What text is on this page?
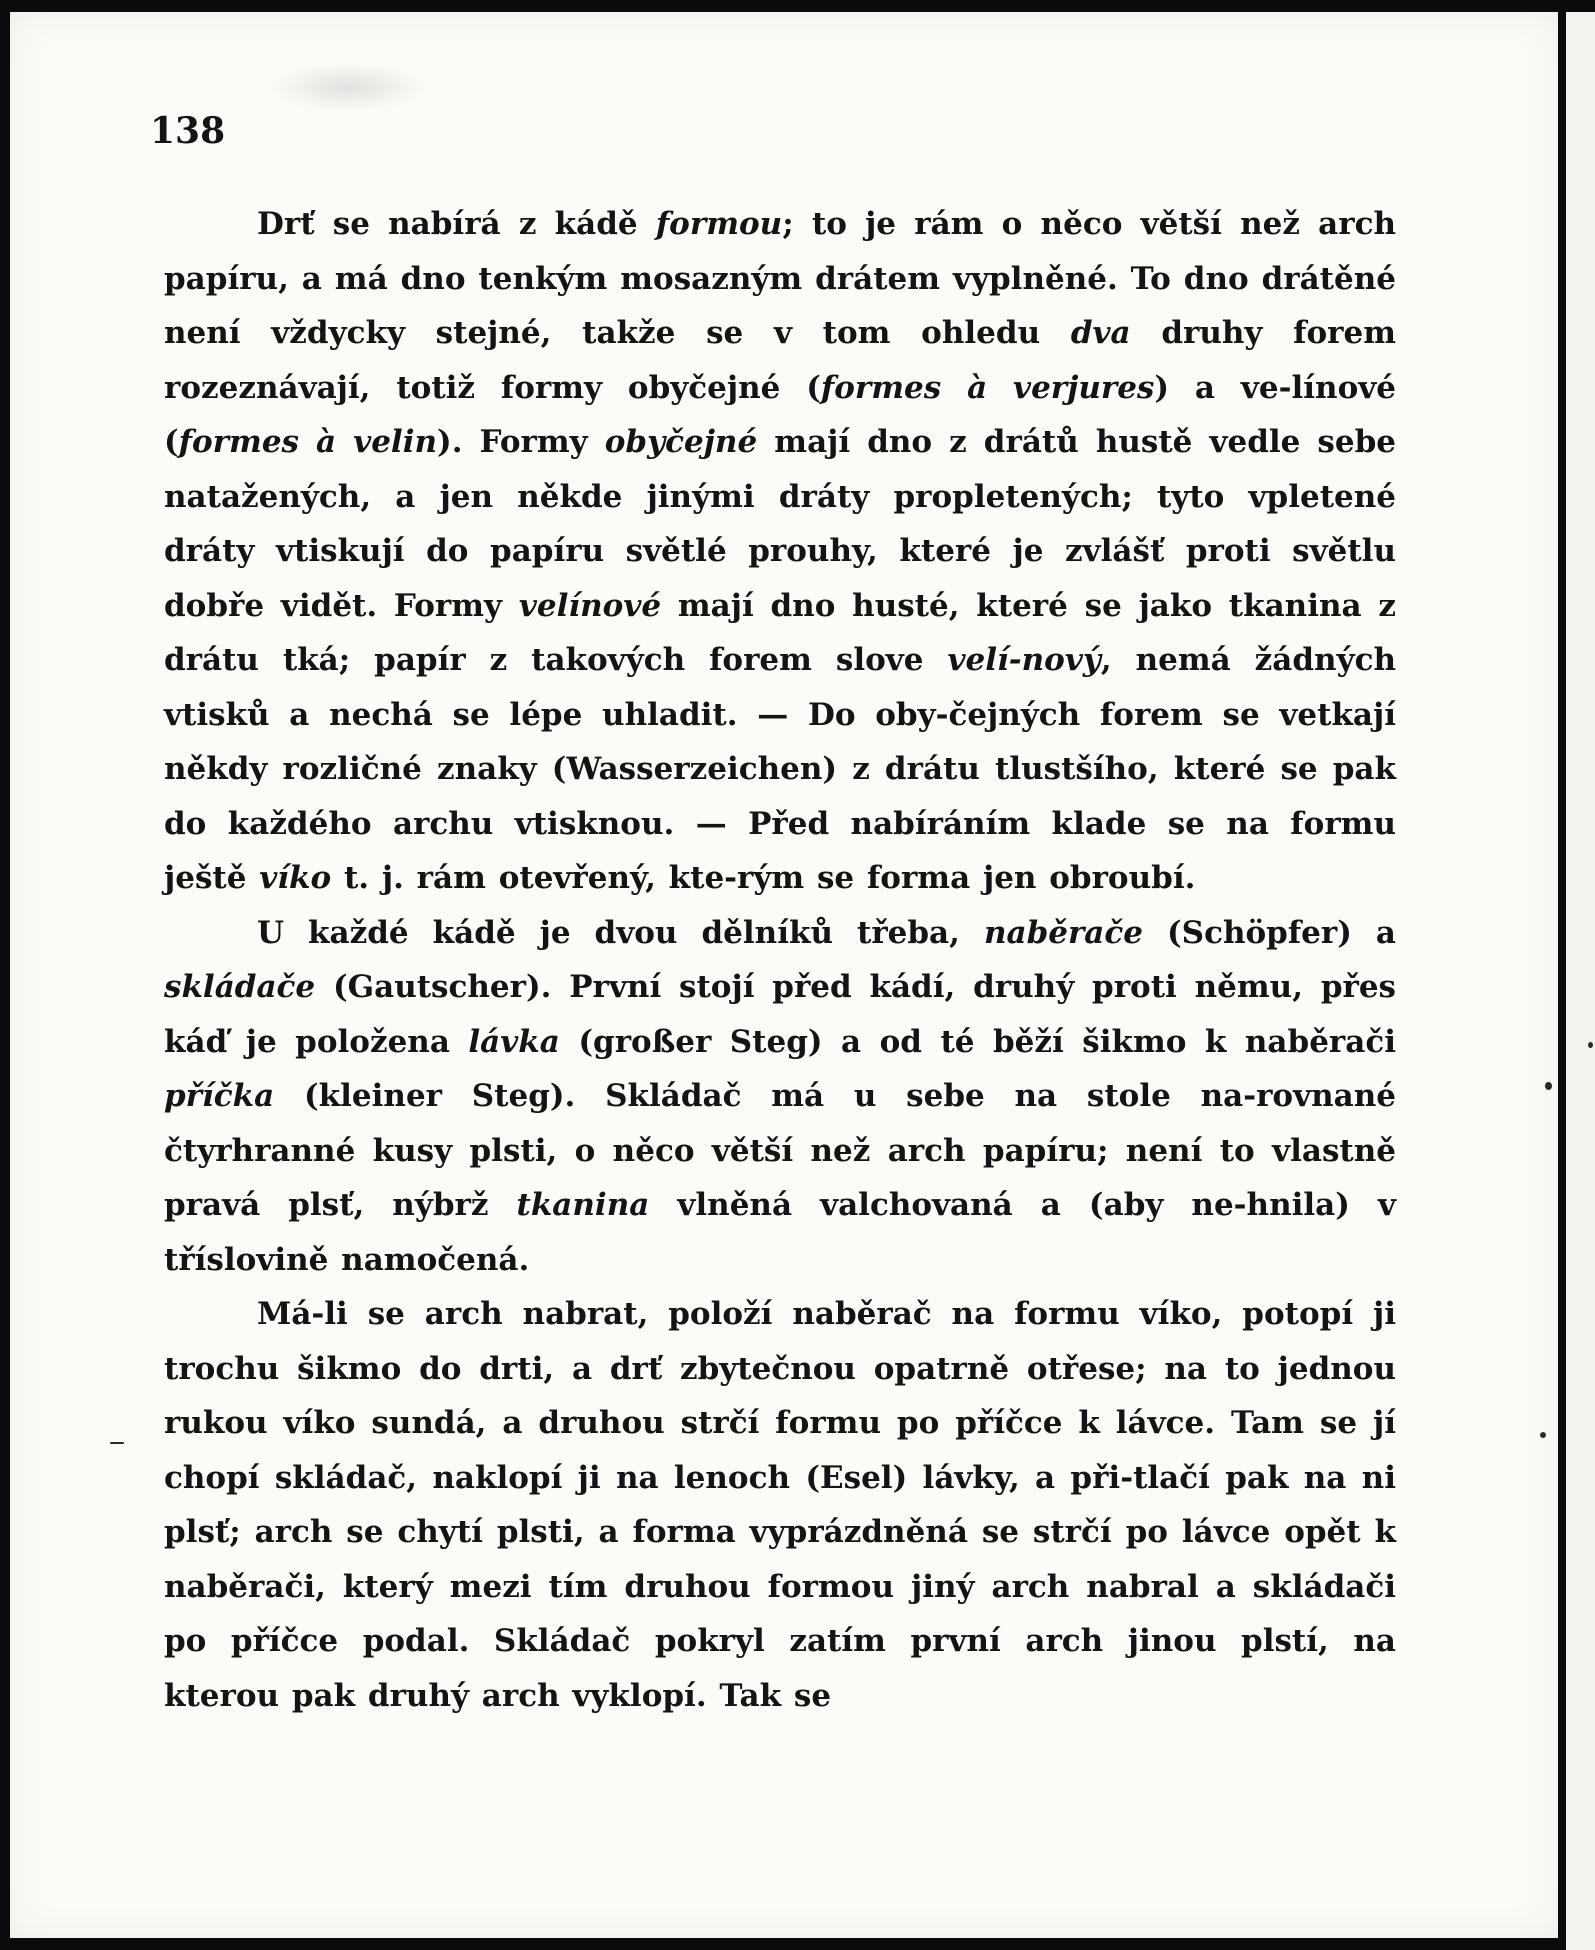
138

Drť se nabírá z kádě formou; to je rám o něco větší než arch papíru, a má dno tenkým mosazným drátem vyplněné. To dno drátěné není vždycky stejné, takže se v tom ohledu dva druhy forem rozeznávají, totiž formy obyčejné (formes à verjures) a ve-línové (formes à velin). Formy obyčejné mají dno z drátů hustě vedle sebe natažených, a jen někde jinými dráty propletených; tyto vpletené dráty vtiskují do papíru světlé prouhy, které je zvlášť proti světlu dobře vidět. Formy velínové mají dno husté, které se jako tkanina z drátu tká; papír z takových forem slove velí-nový, nemá žádných vtisků a nechá se lépe uhladit. — Do oby-čejných forem se vetkají někdy rozličné znaky (Wasserzeichen) z drátu tlustšího, které se pak do každého archu vtisknou. — Před nabíráním klade se na formu ještě víko t. j. rám otevřený, kte-rým se forma jen obroubí.

U každé kádě je dvou dělníků třeba, naběrače (Schöpfer) a skládače (Gautscher). První stojí před kádí, druhý proti němu, přes káď je položena lávka (großer Steg) a od té běží šikmo k naběrači příčka (kleiner Steg). Skládač má u sebe na stole na-rovnané čtyrhranné kusy plsti, o něco větší než arch papíru; není to vlastně pravá plsť, nýbrž tkanina vlněná valchovaná a (aby ne-hnila) v tříslovině namočená.

Má-li se arch nabrat, položí naběrač na formu víko, potopí ji trochu šikmo do drti, a drť zbytečnou opatrně otřese; na to jednou rukou víko sundá, a druhou strčí formu po příčce k lávce. Tam se jí chopí skládač, naklopí ji na lenoch (Esel) lávky, a při-tlačí pak na ni plsť; arch se chytí plsti, a forma vyprázdněná se strčí po lávce opět k naběrači, který mezi tím druhou formou jiný arch nabral a skládači po příčce podal. Skládač pokryl zatím první arch jinou plstí, na kterou pak druhý arch vyklopí. Tak se
